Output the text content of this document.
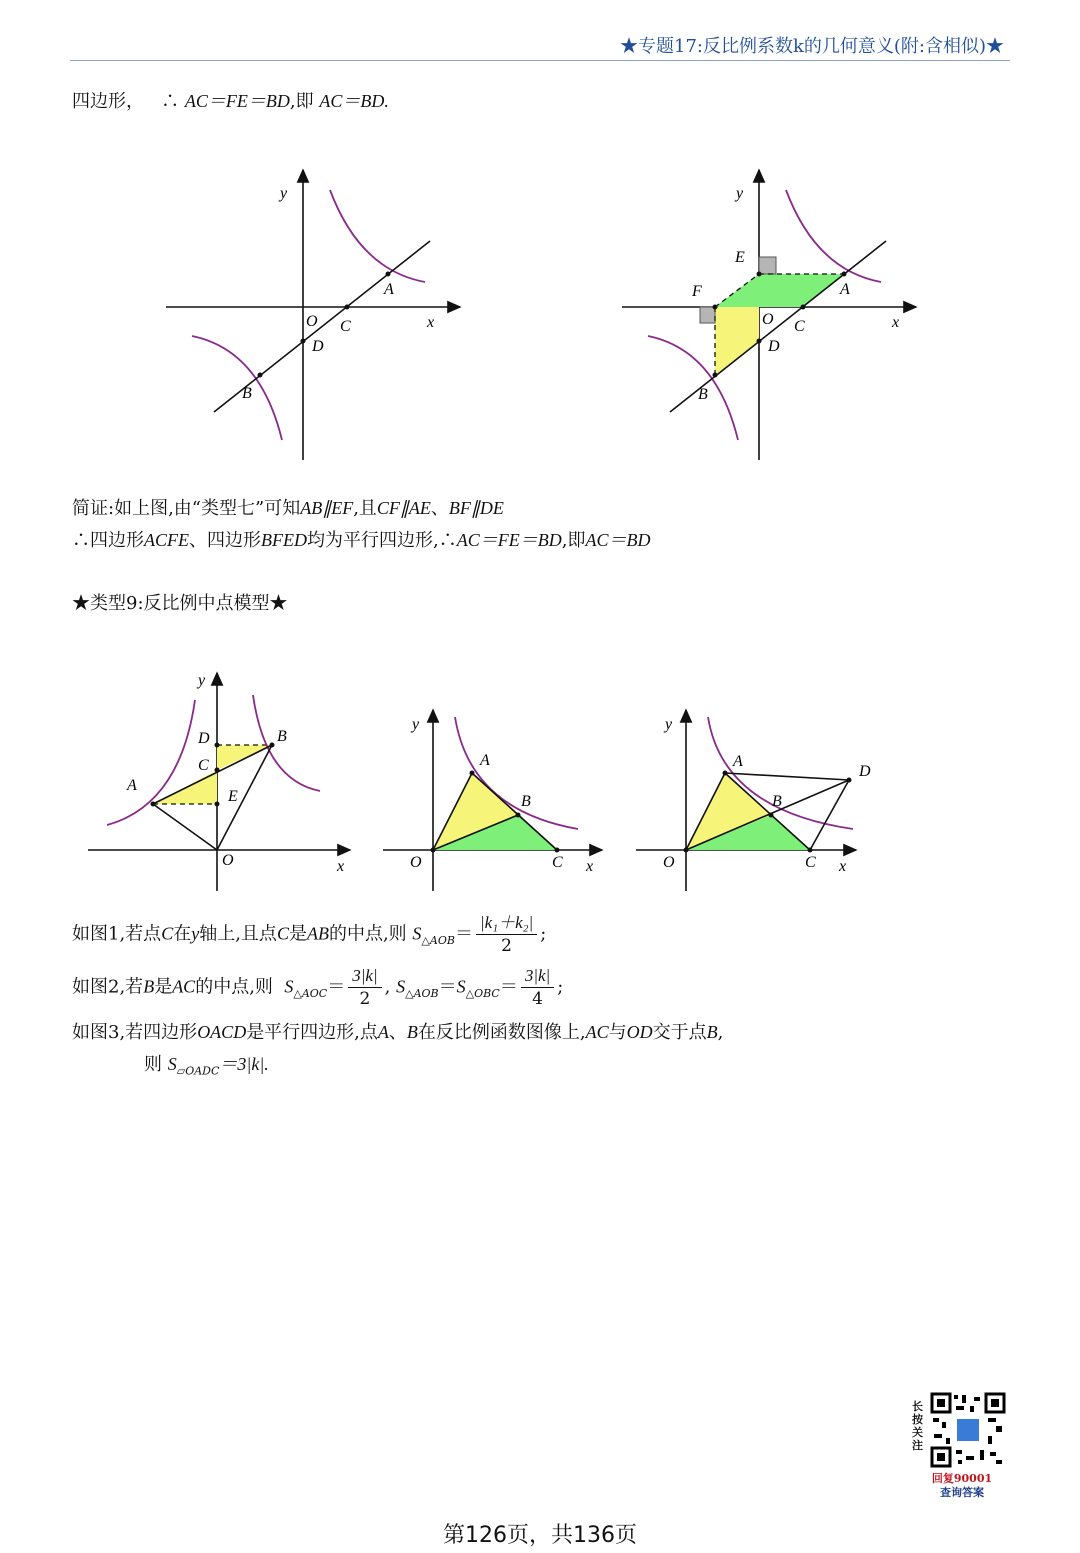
★专题17:反比例系数k的几何意义(附:含相似)★
四边形， ∴ AC＝FE＝BD,即 AC＝BD.
y
x
O C
D
A
B
y
x
O C
D
A
B
E
F
简证:如上图,由“类型七”可知AB∥EF,且CF∥AE、BF∥DE
∴四边形ACFE、四边形BFED均为平行四边形,∴AC＝FE＝BD,即AC＝BD
★类型9:反比例中点模型★
y
x
O
A
B
C
D
E
y
x
O
A
B
C
y
x
O
A
B
C
D
如图1,若点C在y轴上,且点C是AB的中点,则 $S_{\triangle AOB}= \frac{\text{|k₁＋k₂|}}{2}$ ;
如图2,若B是AC的中点,则 $S_{\triangle AOC}= \frac{3|k|}{2}$ , $S_{\triangle AOB}=S_{\triangle OBC}= \frac{3|k|}{4}$ ;
如图3,若四边形OACD是平行四边形,点A、B在反比例函数图像上,AC与OD交于点B,
则 $S_{▱OADC}=3|k|$.
长按关注
回复90001
查询答案
第126页，共136页
